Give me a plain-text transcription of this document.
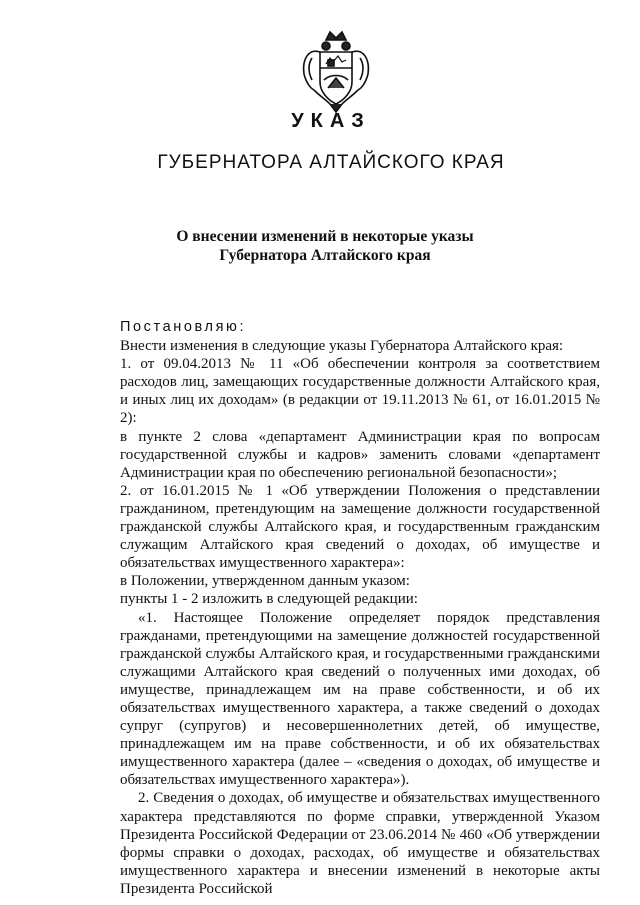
УКАЗ
ГУБЕРНАТОРА АЛТАЙСКОГО КРАЯ
О внесении изменений в некоторые указы
Губернатора Алтайского края

Постановляю:

Внести изменения в следующие указы Губернатора Алтайского края:

1. от 09.04.2013 № 11 «Об обеспечении контроля за соответствием расходов лиц, замещающих государственные должности Алтайского края, и иных лиц их доходам» (в редакции от 19.11.2013 № 61, от 16.01.2015 № 2):

в пункте 2 слова «департамент Администрации края по вопросам государственной службы и кадров» заменить словами «департамент Администрации края по обеспечению региональной безопасности»;

2. от 16.01.2015 № 1 «Об утверждении Положения о представлении гражданином, претендующим на замещение должности государственной гражданской службы Алтайского края, и государственным гражданским служащим Алтайского края сведений о доходах, об имуществе и обязательствах имущественного характера»:

в Положении, утвержденном данным указом:

пункты 1 - 2 изложить в следующей редакции:

«1. Настоящее Положение определяет порядок представления гражданами, претендующими на замещение должностей государственной гражданской службы Алтайского края, и государственными гражданскими служащими Алтайского края сведений о полученных ими доходах, об имуществе, принадлежащем им на праве собственности, и об их обязательствах имущественного характера, а также сведений о доходах супруг (супругов) и несовершеннолетних детей, об имуществе, принадлежащем им на праве собственности, и об их обязательствах имущественного характера (далее – «сведения о доходах, об имуществе и обязательствах имущественного характера»).

2. Сведения о доходах, об имуществе и обязательствах имущественного характера представляются по форме справки, утвержденной Указом Президента Российской Федерации от 23.06.2014 № 460 «Об утверждении формы справки о доходах, расходах, об имуществе и обязательствах имущественного характера и внесении изменений в некоторые акты Президента Российской
